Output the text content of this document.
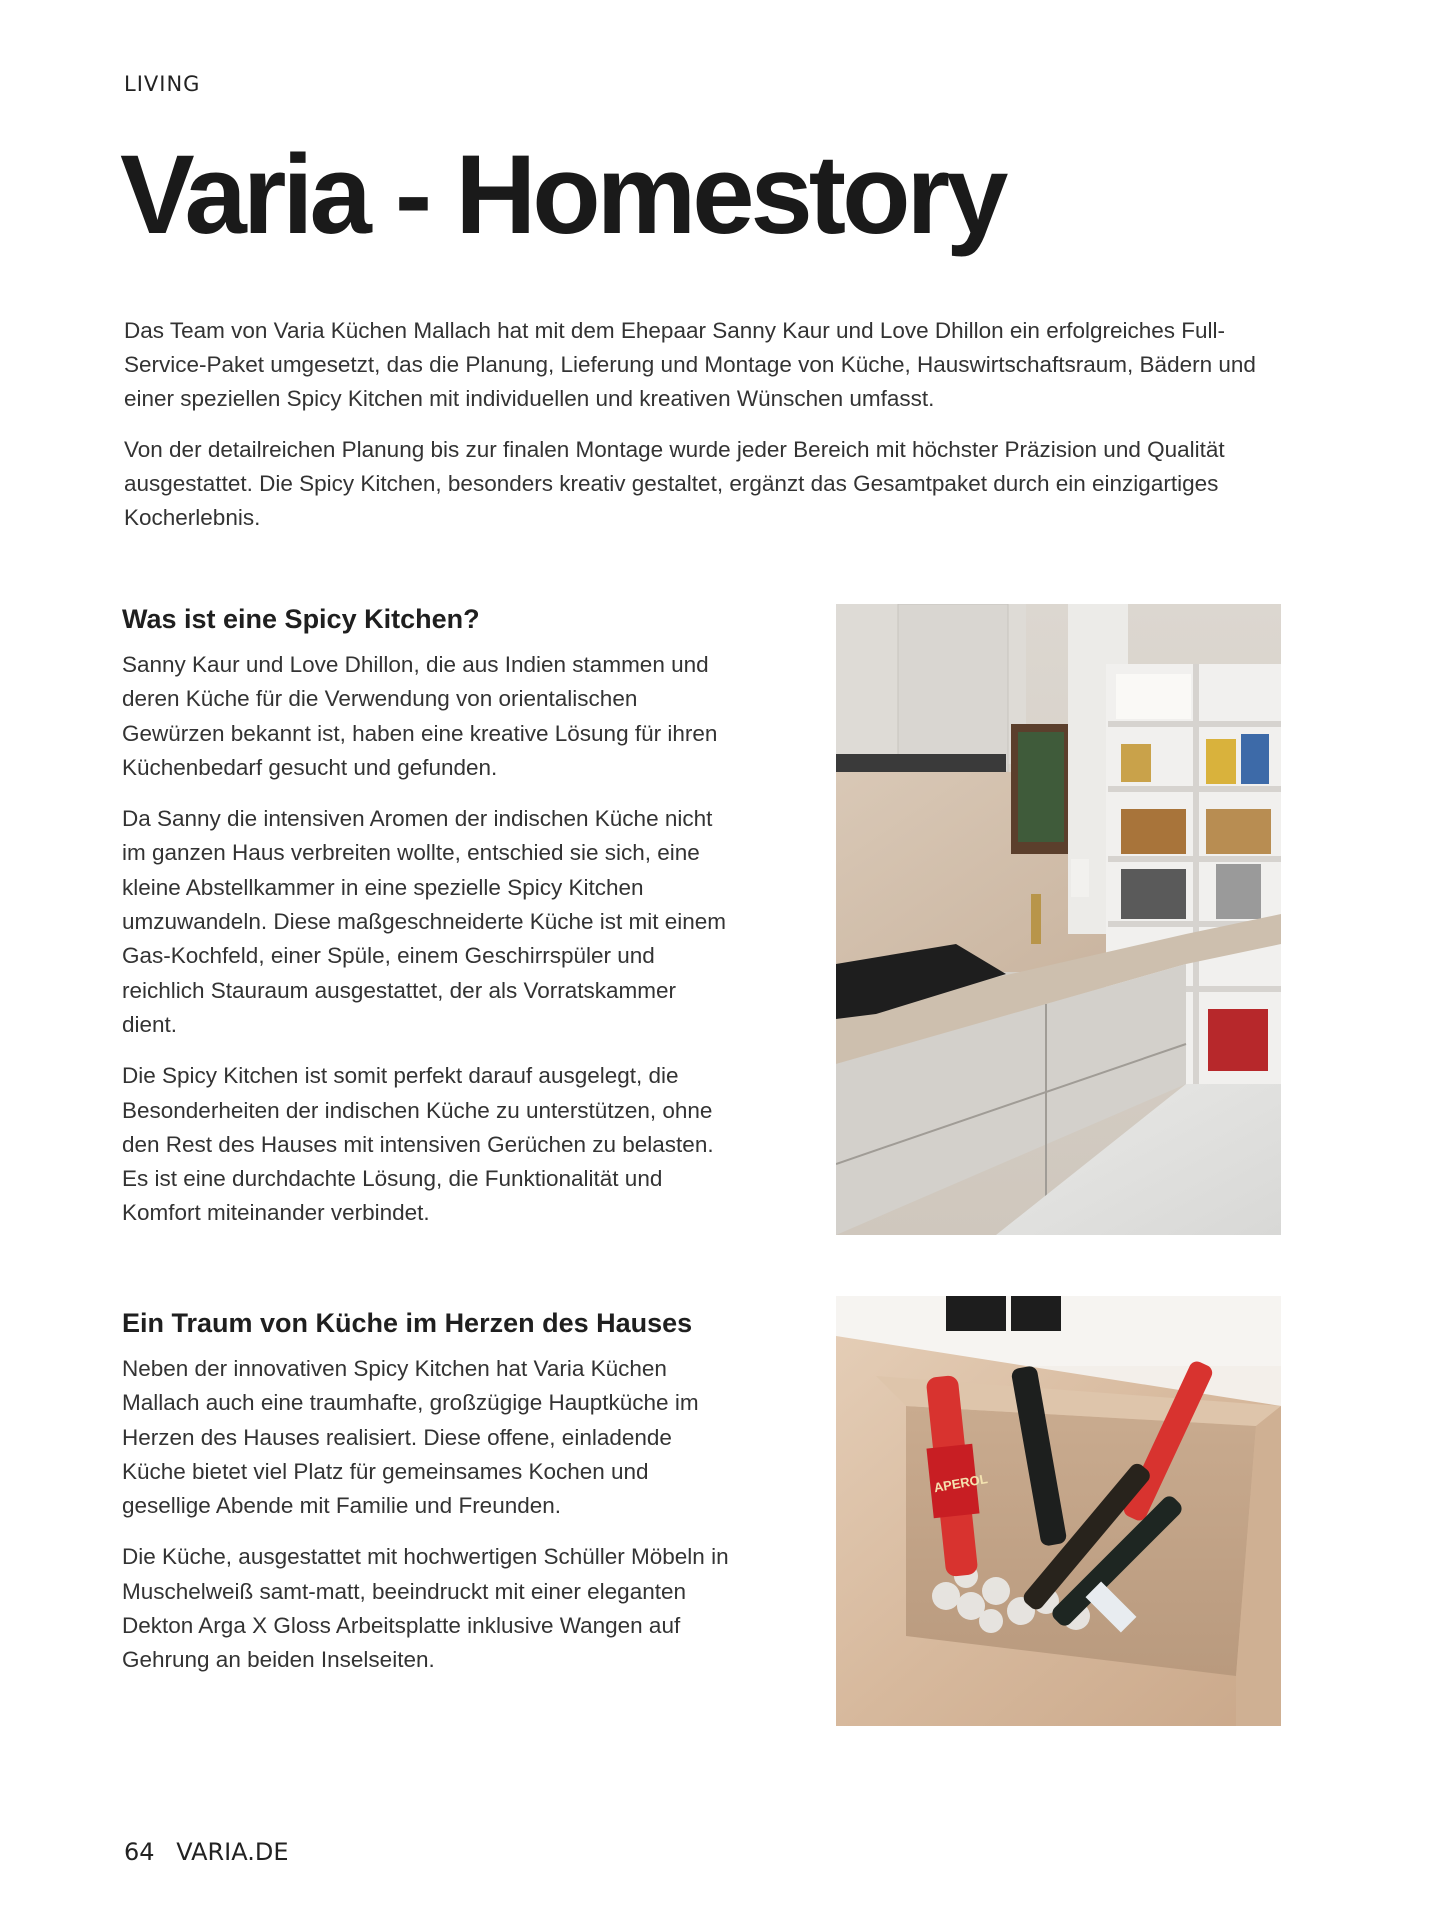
LIVING
Varia - Homestory

Das Team von Varia Küchen Mallach hat mit dem Ehepaar Sanny Kaur und Love Dhillon ein erfolgreiches Full-Service-Paket umgesetzt, das die Planung, Lieferung und Montage von Küche, Hauswirtschaftsraum, Bädern und einer speziellen Spicy Kitchen mit individuellen und kreativen Wünschen umfasst.

Von der detailreichen Planung bis zur finalen Montage wurde jeder Bereich mit höchster Präzision und Qualität ausgestattet. Die Spicy Kitchen, besonders kreativ gestaltet, ergänzt das Gesamtpaket durch ein einzigartiges Kocherlebnis.

Was ist eine Spicy Kitchen?

Sanny Kaur und Love Dhillon, die aus Indien stammen und deren Küche für die Verwendung von orientalischen Gewürzen bekannt ist, haben eine kreative Lösung für ihren Küchenbedarf gesucht und gefunden.

Da Sanny die intensiven Aromen der indischen Küche nicht im ganzen Haus verbreiten wollte, entschied sie sich, eine kleine Abstellkammer in eine spezielle Spicy Kitchen umzuwandeln. Diese maßgeschneiderte Küche ist mit einem Gas-Kochfeld, einer Spüle, einem Geschirrspüler und reichlich Stauraum ausgestattet, der als Vorratskammer dient.

Die Spicy Kitchen ist somit perfekt darauf ausgelegt, die Besonderheiten der indischen Küche zu unterstützen, ohne den Rest des Hauses mit intensiven Gerüchen zu belasten. Es ist eine durchdachte Lösung, die Funktionalität und Komfort miteinander verbindet.

Ein Traum von Küche im Herzen des Hauses

Neben der innovativen Spicy Kitchen hat Varia Küchen Mallach auch eine traumhafte, großzügige Hauptküche im Herzen des Hauses realisiert. Diese offene, einladende Küche bietet viel Platz für gemeinsames Kochen und gesellige Abende mit Familie und Freunden.

Die Küche, ausgestattet mit hochwertigen Schüller Möbeln in Muschelweiß samt-matt, beeindruckt mit einer eleganten Dekton Arga X Gloss Arbeitsplatte inklusive Wangen auf Gehrung an beiden Inselseiten.

APEROL
64 VARIA.DE
